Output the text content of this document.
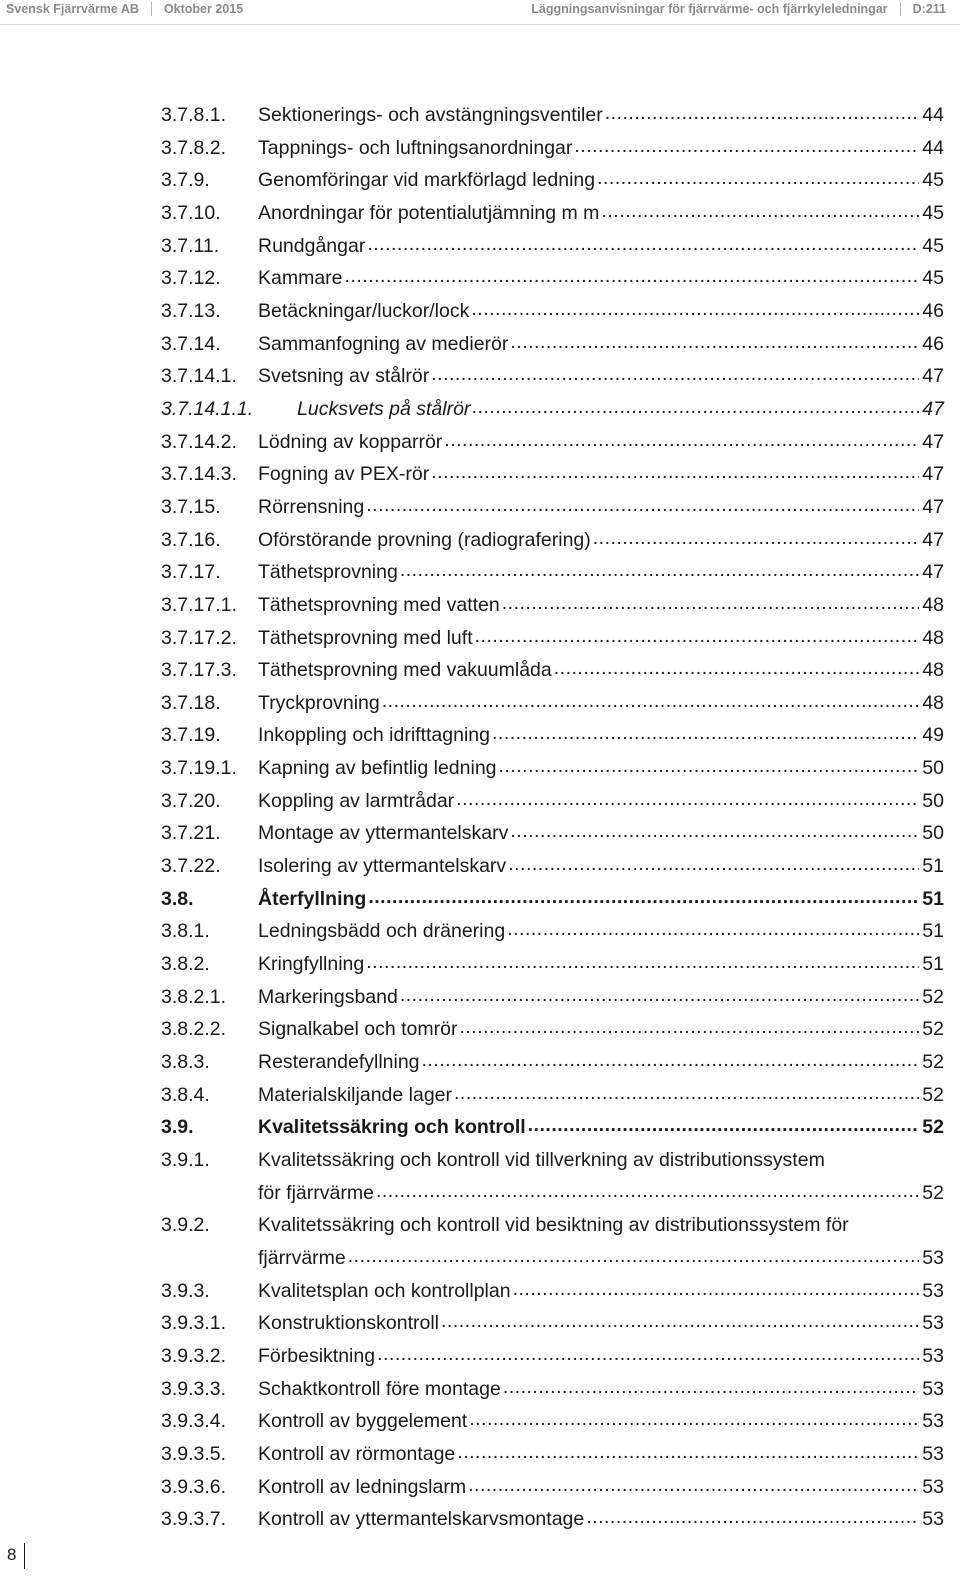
Svensk Fjärrvärme AB Oktober 2015	Läggningsanvisningar för fjärrvärme- och fjärrkyleledningar D:211
3.7.8.1. Sektionerings- och avstängningsventiler .....	44
3.7.8.2. Tappnings- och luftningsanordningar .....	44
3.7.9. Genomföringar vid markförlagd ledning .....	45
3.7.10. Anordningar för potentialutjämning m m .....	45
3.7.11. Rundgångar .....	45
3.7.12. Kammare .....	45
3.7.13. Betäckningar/luckor/lock .....	46
3.7.14. Sammanfogning av medierör .....	46
3.7.14.1. Svetsning av stålrör .....	47
3.7.14.1.1. Lucksvets på stålrör .....	47
3.7.14.2. Lödning av kopparrör .....	47
3.7.14.3. Fogning av PEX-rör .....	47
3.7.15. Rörrensning .....	47
3.7.16. Oförstörande provning (radiografering) .....	47
3.7.17. Täthetsprovning .....	47
3.7.17.1. Täthetsprovning med vatten .....	48
3.7.17.2. Täthetsprovning med luft .....	48
3.7.17.3. Täthetsprovning med vakuumlåda .....	48
3.7.18. Tryckprovning .....	48
3.7.19. Inkoppling och idrifttagning .....	49
3.7.19.1. Kapning av befintlig ledning .....	50
3.7.20. Koppling av larmtrådar .....	50
3.7.21. Montage av yttermantelskarv .....	50
3.7.22. Isolering av yttermantelskarv .....	51
3.8.	Återfyllning .....	51
3.8.1. Ledningsbädd och dränering .....	51
3.8.2. Kringfyllning .....	51
3.8.2.1. Markeringsband .....	52
3.8.2.2. Signalkabel och tomrör .....	52
3.8.3. Resterandefyllning .....	52
3.8.4. Materialskiljande lager .....	52
3.9.	Kvalitetssäkring och kontroll .....	52
3.9.1. Kvalitetssäkring och kontroll vid tillverkning av distributionssystem
för fjärrvärme .....	52
3.9.2. Kvalitetssäkring och kontroll vid besiktning av distributionssystem för
fjärrvärme .....	53
3.9.3. Kvalitetsplan och kontrollplan .....	53
3.9.3.1. Konstruktionskontroll .....	53
3.9.3.2. Förbesiktning .....	53
3.9.3.3. Schaktkontroll före montage .....	53
3.9.3.4. Kontroll av byggelement .....	53
3.9.3.5. Kontroll av rörmontage .....	53
3.9.3.6. Kontroll av ledningslarm .....	53
3.9.3.7. Kontroll av yttermantelskarvsmontage .....	53
8
